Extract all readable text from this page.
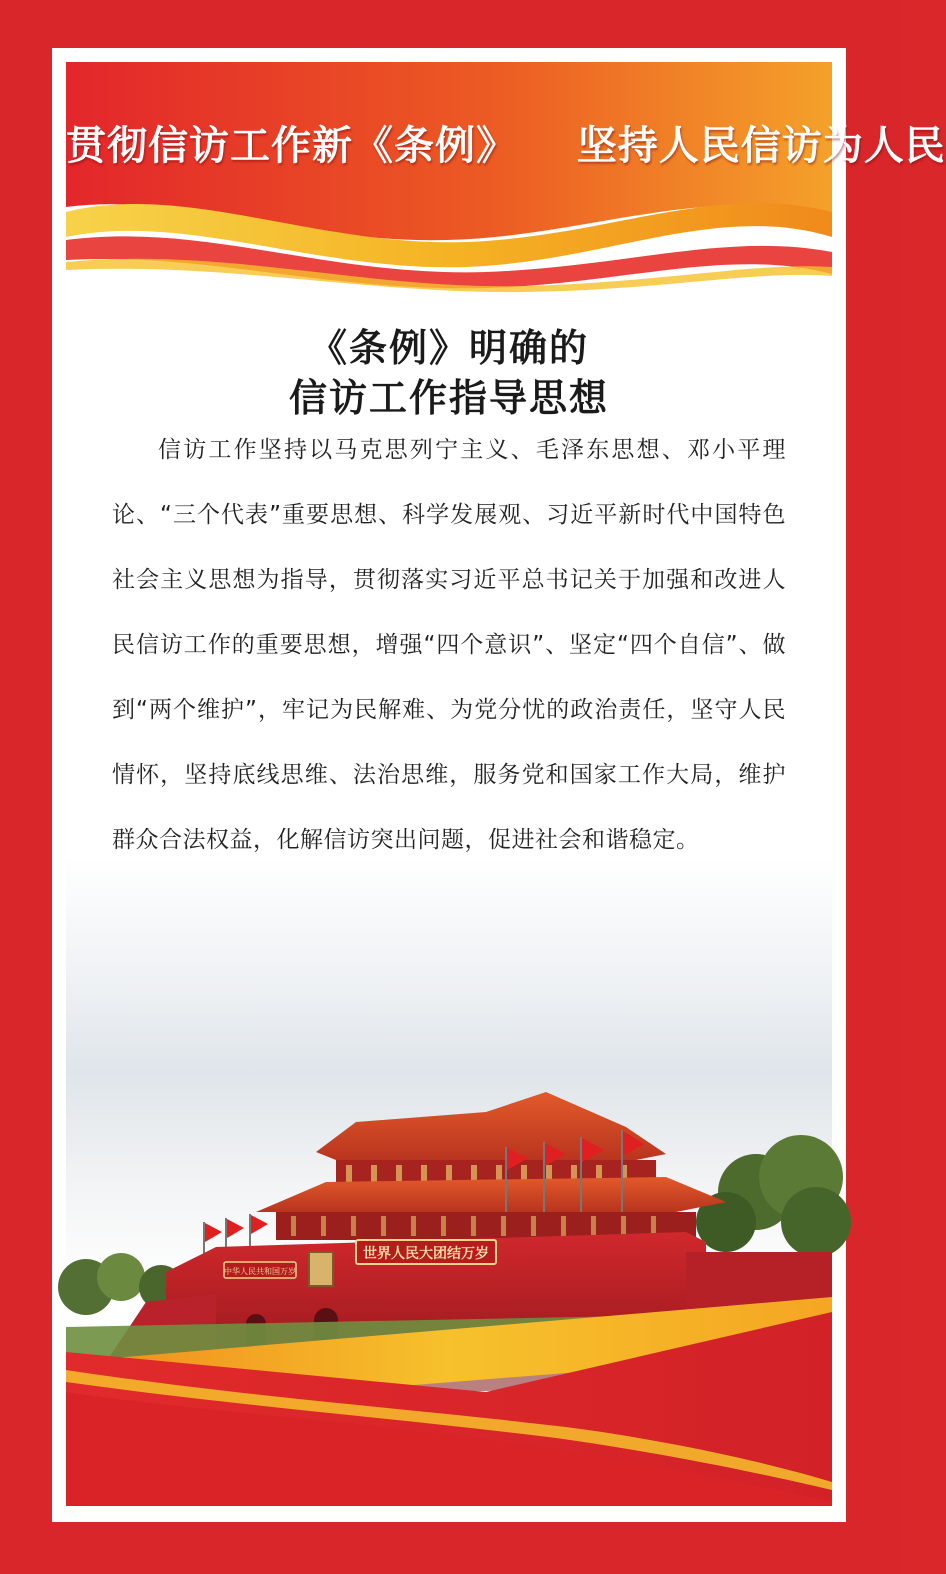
贯彻信访工作新《条例》    坚持人民信访为人民
《条例》明确的
信访工作指导思想
信访工作坚持以马克思列宁主义、毛泽东思想、邓小平理论、“三个代表”重要思想、科学发展观、习近平新时代中国特色社会主义思想为指导，贯彻落实习近平总书记关于加强和改进人民信访工作的重要思想，增强“四个意识”、坚定“四个自信”、做到“两个维护”，牢记为民解难、为党分忧的政治责任，坚守人民情怀，坚持底线思维、法治思维，服务党和国家工作大局，维护群众合法权益，化解信访突出问题，促进社会和谐稳定。
世界人民大团结万岁
中华人民共和国万岁
